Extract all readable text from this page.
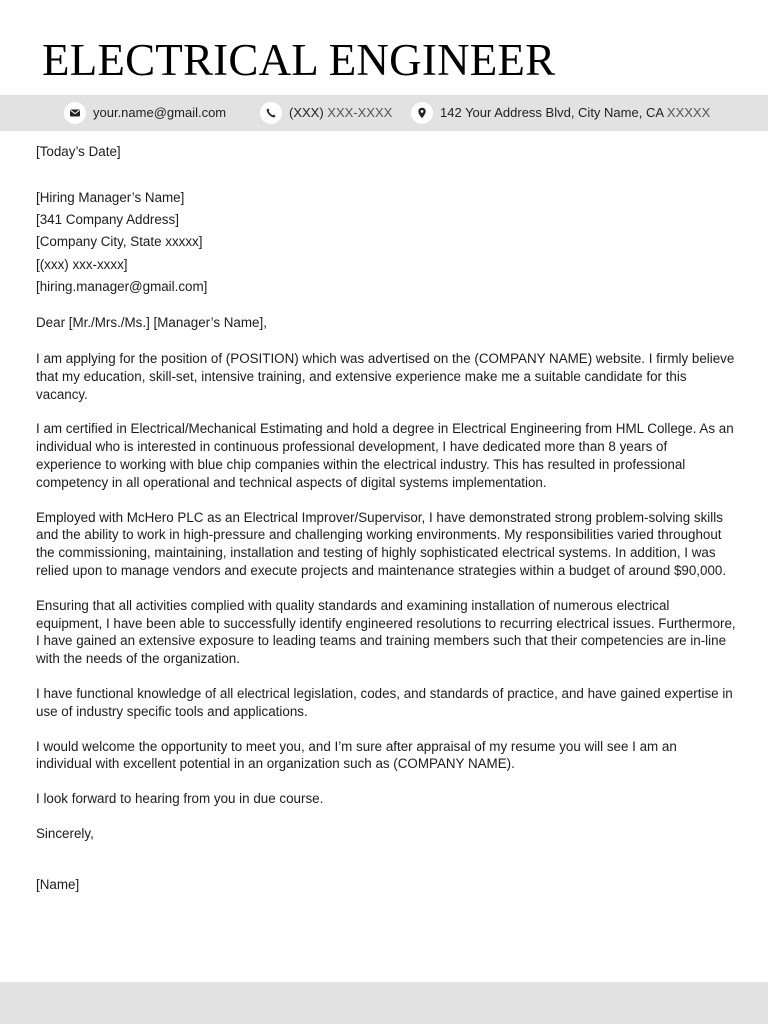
ELECTRICAL ENGINEER
your.name@gmail.com	(XXX) XXX-XXXX	142 Your Address Blvd, City Name, CA XXXXX

[Today’s Date]

[Hiring Manager’s Name]

[341 Company Address]

[Company City, State xxxxx]

[(xxx) xxx-xxxx]

[hiring.manager@gmail.com]

Dear [Mr./Mrs./Ms.] [Manager’s Name],

I am applying for the position of (POSITION) which was advertised on the (COMPANY NAME) website. I firmly believe that my education, skill-set, intensive training, and extensive experience make me a suitable candidate for this vacancy.

I am certified in Electrical/Mechanical Estimating and hold a degree in Electrical Engineering from HML College. As an individual who is interested in continuous professional development, I have dedicated more than 8 years of experience to working with blue chip companies within the electrical industry. This has resulted in professional competency in all operational and technical aspects of digital systems implementation.

Employed with McHero PLC as an Electrical Improver/Supervisor, I have demonstrated strong problem-solving skills and the ability to work in high-pressure and challenging working environments. My responsibilities varied throughout the commissioning, maintaining, installation and testing of highly sophisticated electrical systems. In addition, I was relied upon to manage vendors and execute projects and maintenance strategies within a budget of around $90,000.

Ensuring that all activities complied with quality standards and examining installation of numerous electrical equipment, I have been able to successfully identify engineered resolutions to recurring electrical issues. Furthermore, I have gained an extensive exposure to leading teams and training members such that their competencies are in-line with the needs of the organization.

I have functional knowledge of all electrical legislation, codes, and standards of practice, and have gained expertise in use of industry specific tools and applications.

I would welcome the opportunity to meet you, and I’m sure after appraisal of my resume you will see I am an individual with excellent potential in an organization such as (COMPANY NAME).

I look forward to hearing from you in due course.

Sincerely,

[Name]
